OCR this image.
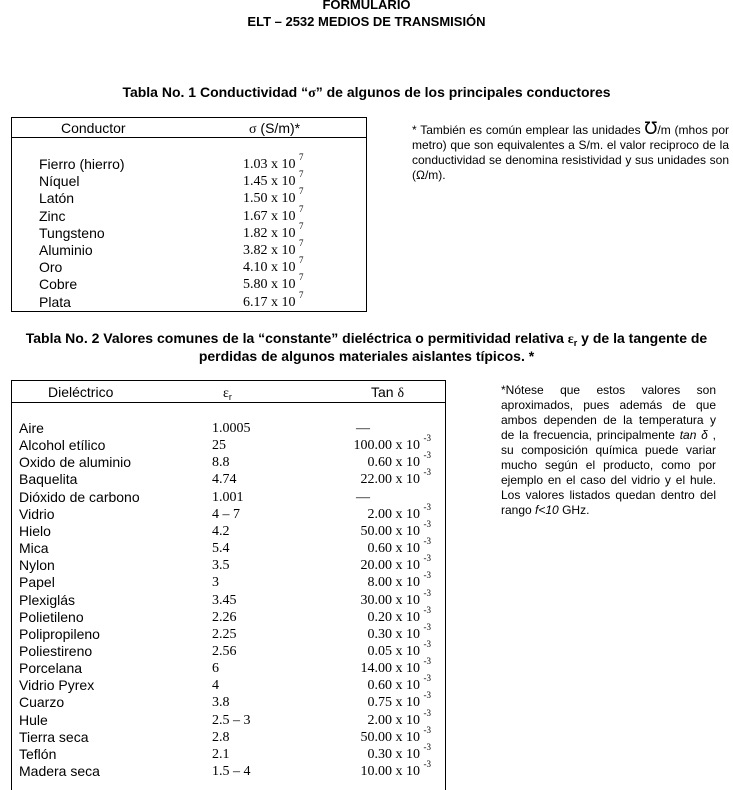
FORMULARIO
ELT – 2532 MEDIOS DE TRANSMISIÓN
Tabla No. 1 Conductividad “σ” de algunos de los principales conductores
Conductor	σ (S/m)*
Fierro (hierro)	1.03 x 10 $^7$
Níquel	1.45 x 10 $^7$
Latón	1.50 x 10 $^7$
Zinc	1.67 x 10 $^7$
Tungsteno	1.82 x 10 $^7$
Aluminio	3.82 x 10 $^7$
Oro	4.10 x 10 $^7$
Cobre	5.80 x 10 $^7$
Plata	6.17 x 10 $^7$
* También es común emplear las unidades ℧/m (mhos por metro) que son equivalentes a S/m. el valor reciproco de la conductividad se denomina resistividad y sus unidades son (Ω/m).
Tabla No. 2 Valores comunes de la “constante” dieléctrica o permitividad relativa $\varepsilon_r$ y de la tangente de
perdidas de algunos materiales aislantes típicos. *
Dieléctrico	$\varepsilon_r$	Tan δ
Aire	1.0005	—
Alcohol etílico	25	100.00 x 10 $^{-3}$
Oxido de aluminio	8.8	0.60 x 10 $^{-3}$
Baquelita	4.74	22.00 x 10 $^{-3}$
Dióxido de carbono	1.001	—
Vidrio	4 – 7	2.00 x 10 $^{-3}$
Hielo	4.2	50.00 x 10 $^{-3}$
Mica	5.4	0.60 x 10 $^{-3}$
Nylon	3.5	20.00 x 10 $^{-3}$
Papel	3	8.00 x 10 $^{-3}$
Plexiglás	3.45	30.00 x 10 $^{-3}$
Polietileno	2.26	0.20 x 10 $^{-3}$
Polipropileno	2.25	0.30 x 10 $^{-3}$
Poliestireno	2.56	0.05 x 10 $^{-3}$
Porcelana	6	14.00 x 10 $^{-3}$
Vidrio Pyrex	4	0.60 x 10 $^{-3}$
Cuarzo	3.8	0.75 x 10 $^{-3}$
Hule	2.5 – 3	2.00 x 10 $^{-3}$
Tierra seca	2.8	50.00 x 10 $^{-3}$
Teflón	2.1	0.30 x 10 $^{-3}$
Madera seca	1.5 – 4	10.00 x 10 $^{-3}$
*Nótese que estos valores son aproximados, pues además de que ambos dependen de la temperatura y de la frecuencia, principalmente tan δ , su composición química puede variar mucho según el producto, como por ejemplo en el caso del vidrio y el hule. Los valores listados quedan dentro del rango f<10 GHz.
